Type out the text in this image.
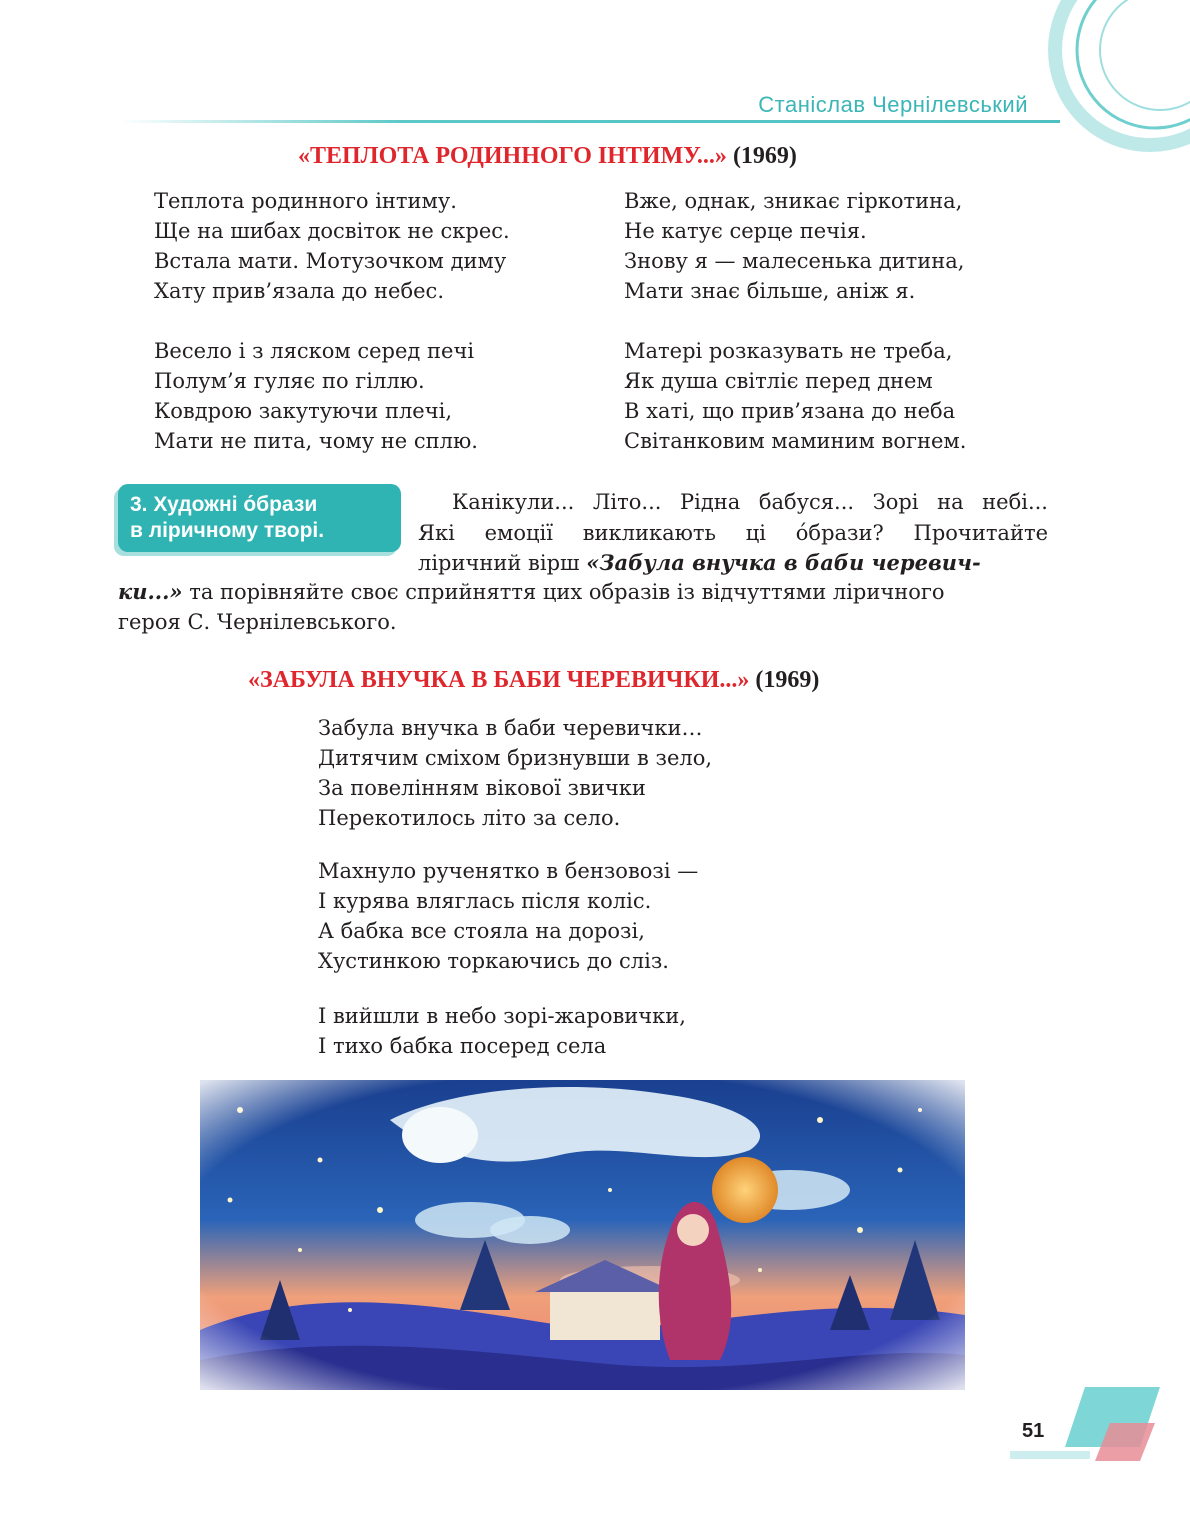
Станіслав Чернілевський
«ТЕПЛОТА РОДИННОГО ІНТИМУ...» (1969)
Теплота родинного інтиму.
Ще на шибах досвіток не скрес.
Встала мати. Мотузочком диму
Хату прив’язала до небес.
Весело і з ляском серед печі
Полум’я гуляє по гіллю.
Ковдрою закутуючи плечі,
Мати не пита, чому не сплю.
Вже, однак, зникає гіркотина,
Не катує серце печія.
Знову я — малесенька дитина,
Мати знає більше, аніж я.
Матері розказувать не треба,
Як душа світліє перед днем
В хаті, що прив’язана до неба
Світанковим маминим вогнем.
3. Художні о́брази
в ліричному творі.
Канікули... Літо... Рідна бабуся... Зорі на небі...
Які емоції викликають ці о́брази? Прочитайте
ліричний вірш «Забула внучка в баби черевич-
ки...» та порівняйте своє сприйняття цих образів із відчуттями ліричного
героя С. Чернілевського.
«ЗАБУЛА ВНУЧКА В БАБИ ЧЕРЕВИЧКИ...» (1969)
Забула внучка в баби черевички…
Дитячим сміхом бризнувши в зело,
За повелінням вікової звички
Перекотилось літо за село.
Махнуло рученятко в бензовозі —
І курява вляглась після коліс.
А бабка все стояла на дорозі,
Хустинкою торкаючись до сліз.
І вийшли в небо зорі-жаровички,
І тихо бабка посеред села
51
